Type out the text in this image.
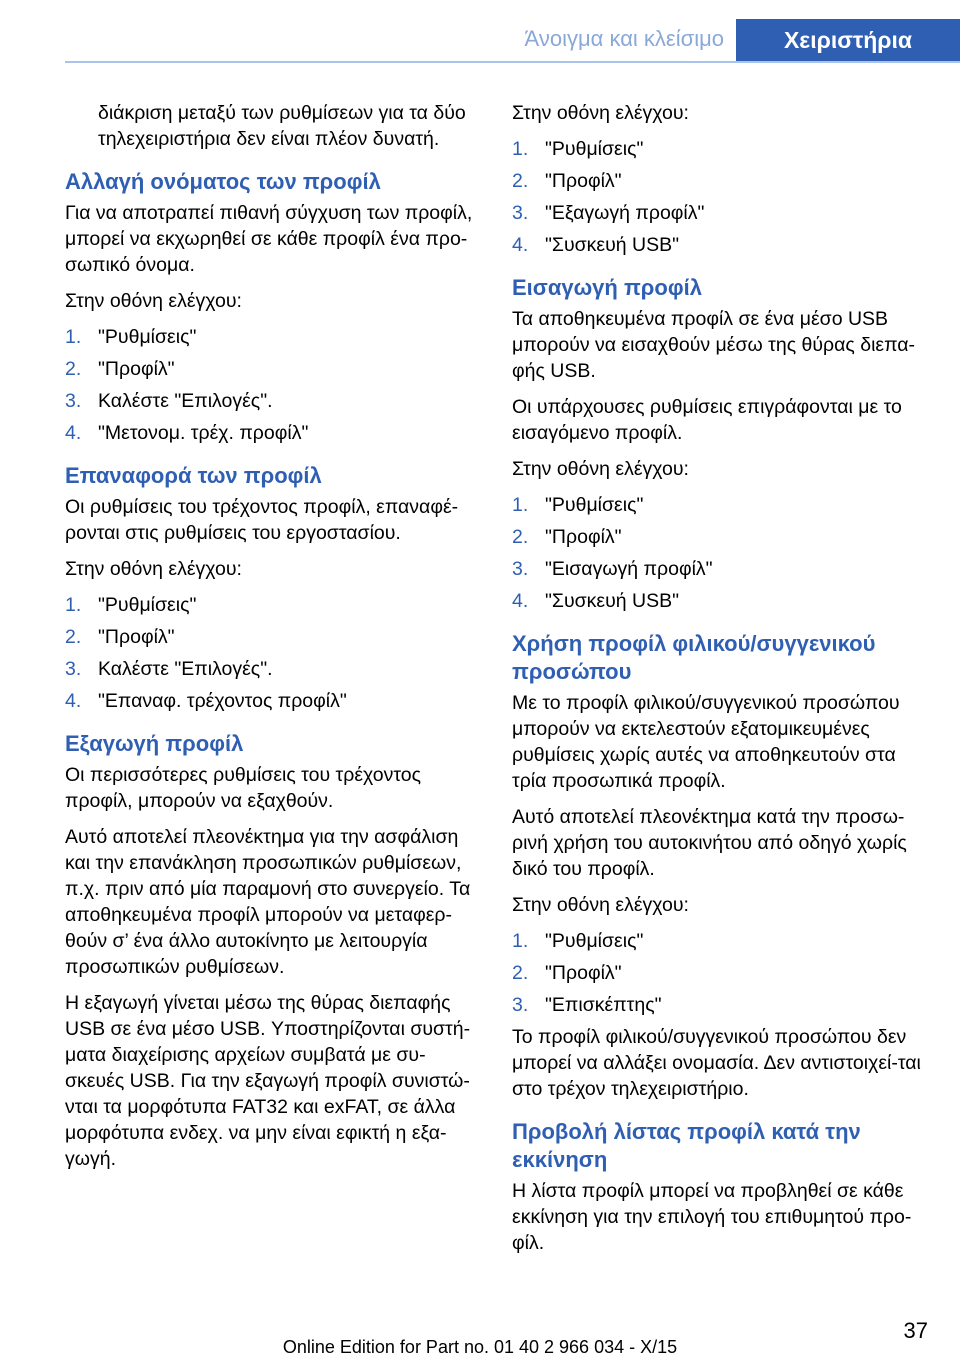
Άνοιγμα και κλείσιμο	Χειριστήρια

διάκριση μεταξύ των ρυθμίσεων για τα δύο τηλεχειριστήρια δεν είναι πλέον δυνατή.

Αλλαγή ονόματος των προφίλ

Για να αποτραπεί πιθανή σύγχυση των προφίλ, μπορεί να εκχωρηθεί σε κάθε προφίλ ένα προ-σωπικό όνομα.

Στην οθόνη ελέγχου:

1. "Ρυθμίσεις"
2. "Προφίλ"
3. Καλέστε "Επιλογές".
4. "Μετονομ. τρέχ. προφίλ"
Επαναφορά των προφίλ

Οι ρυθμίσεις του τρέχοντος προφίλ, επαναφέ-ρονται στις ρυθμίσεις του εργοστασίου.

Στην οθόνη ελέγχου:

1. "Ρυθμίσεις"
2. "Προφίλ"
3. Καλέστε "Επιλογές".
4. "Επαναφ. τρέχοντος προφίλ"
Εξαγωγή προφίλ

Οι περισσότερες ρυθμίσεις του τρέχοντος προφίλ, μπορούν να εξαχθούν.

Αυτό αποτελεί πλεονέκτημα για την ασφάλιση και την επανάκληση προσωπικών ρυθμίσεων, π.χ. πριν από μία παραμονή στο συνεργείο. Τα αποθηκευμένα προφίλ μπορούν να μεταφερ-θούν σ’ ένα άλλο αυτοκίνητο με λειτουργία προσωπικών ρυθμίσεων.

Η εξαγωγή γίνεται μέσω της θύρας διεπαφής USB σε ένα μέσο USB. Υποστηρίζονται συστή-ματα διαχείρισης αρχείων συμβατά με συ-σκευές USB. Για την εξαγωγή προφίλ συνιστώ-νται τα μορφότυπα FAT32 και exFAT, σε άλλα μορφότυπα ενδεχ. να μην είναι εφικτή η εξα-γωγή.

Στην οθόνη ελέγχου:

1. "Ρυθμίσεις"
2. "Προφίλ"
3. "Εξαγωγή προφίλ"
4. "Συσκευή USB"
Εισαγωγή προφίλ

Τα αποθηκευμένα προφίλ σε ένα μέσο USB μπορούν να εισαχθούν μέσω της θύρας διεπα-φής USB.

Οι υπάρχουσες ρυθμίσεις επιγράφονται με το εισαγόμενο προφίλ.

Στην οθόνη ελέγχου:

1. "Ρυθμίσεις"
2. "Προφίλ"
3. "Εισαγωγή προφίλ"
4. "Συσκευή USB"
Χρήση προφίλ φιλικού/συγγενικού προσώπου

Με το προφίλ φιλικού/συγγενικού προσώπου μπορούν να εκτελεστούν εξατομικευμένες ρυθμίσεις χωρίς αυτές να αποθηκευτούν στα τρία προσωπικά προφίλ.

Αυτό αποτελεί πλεονέκτημα κατά την προσω-ρινή χρήση του αυτοκινήτου από οδηγό χωρίς δικό του προφίλ.

Στην οθόνη ελέγχου:

1. "Ρυθμίσεις"
2. "Προφίλ"
3. "Επισκέπτης"

Το προφίλ φιλικού/συγγενικού προσώπου δεν μπορεί να αλλάξει ονομασία. Δεν αντιστοιχεί-ται στο τρέχον τηλεχειριστήριο.

Προβολή λίστας προφίλ κατά την εκκίνηση

Η λίστα προφίλ μπορεί να προβληθεί σε κάθε εκκίνηση για την επιλογή του επιθυμητού προ-φίλ.

37
Online Edition for Part no. 01 40 2 966 034 - X/15
